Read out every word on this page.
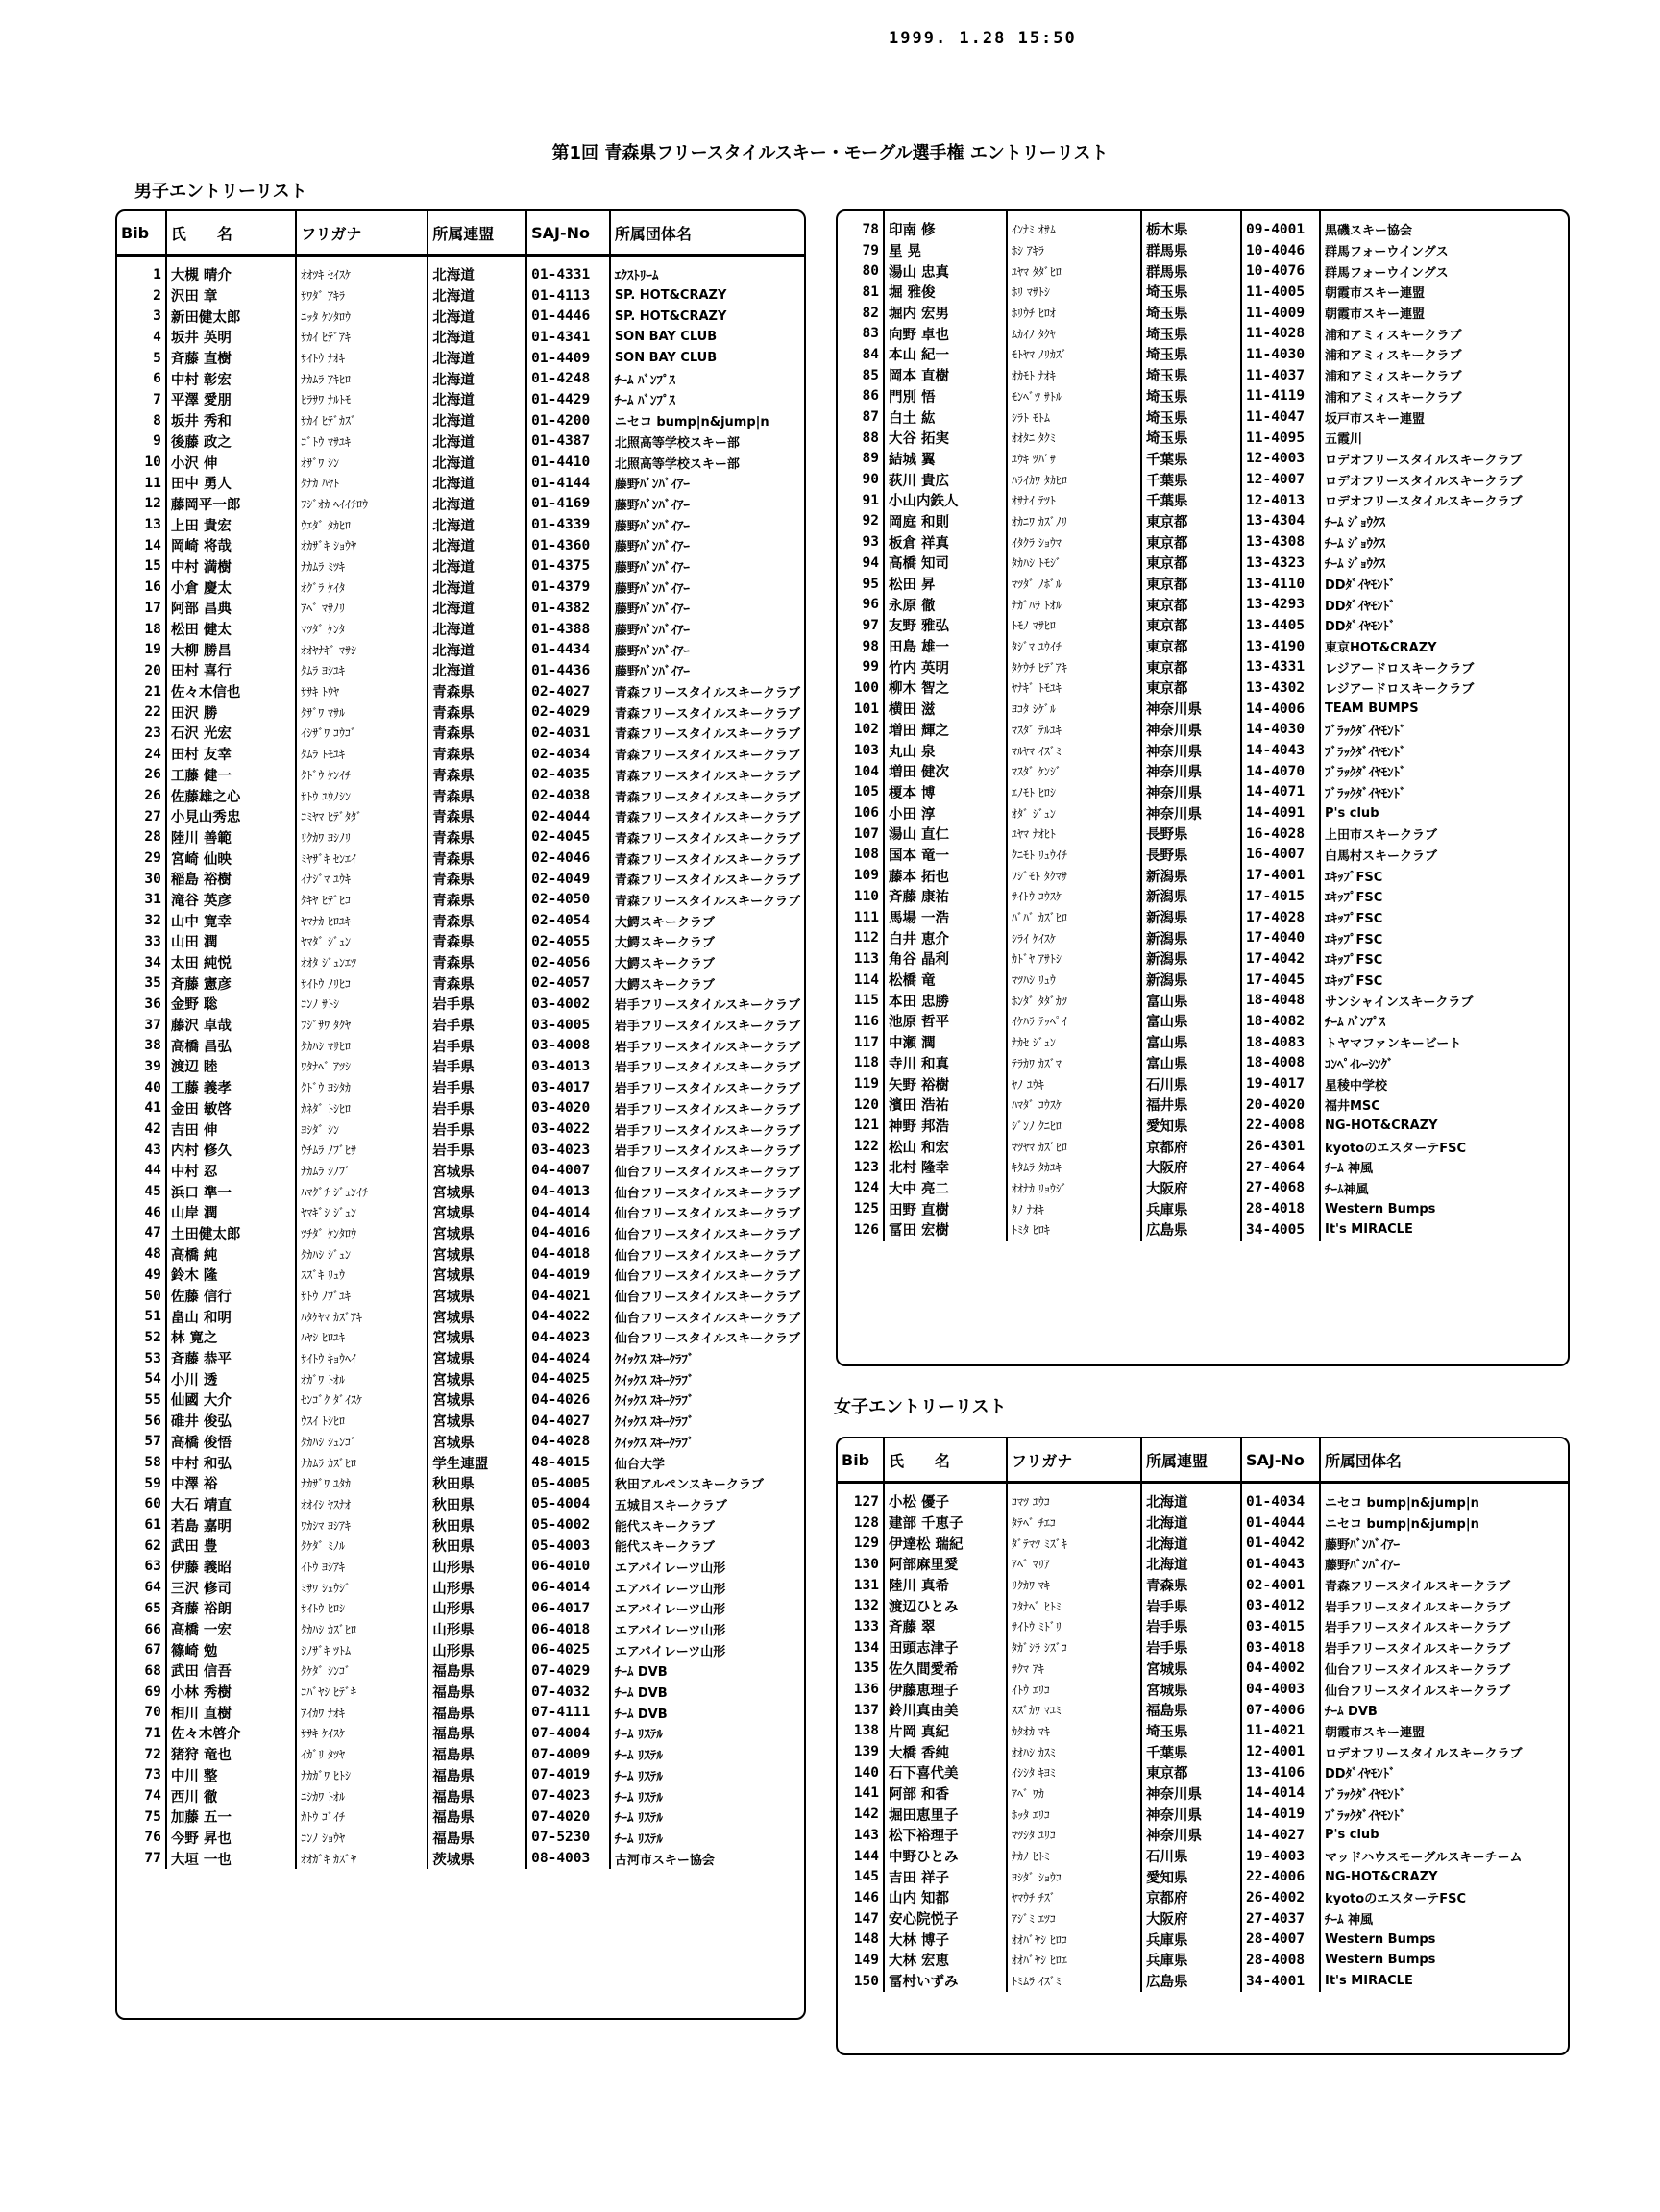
1999. 1.28 15:50
第1回 青森県フリースタイルスキー・モーグル選手権 エントリーリスト
男子エントリーリスト
Bib	氏　　名	フリガナ	所属連盟	SAJ-No	所属団体名
1	大槻 晴介	ｵｵﾂｷ ｾｲｽｹ	北海道	01-4331	ｴｸｽﾄﾘｰﾑ
2	沢田 章	ｻﾜﾀﾞ ｱｷﾗ	北海道	01-4113	SP. HOT&CRAZY
3	新田健太郎	ﾆｯﾀ ｹﾝﾀﾛｳ	北海道	01-4446	SP. HOT&CRAZY
4	坂井 英明	ｻｶｲ ﾋﾃﾞｱｷ	北海道	01-4341	SON BAY CLUB
5	斉藤 直樹	ｻｲﾄｳ ﾅｵｷ	北海道	01-4409	SON BAY CLUB
6	中村 彰宏	ﾅｶﾑﾗ ｱｷﾋﾛ	北海道	01-4248	ﾁｰﾑ ﾊﾞﾝﾌﾟｽ
7	平澤 愛朋	ﾋﾗｻﾜ ﾅﾙﾄﾓ	北海道	01-4429	ﾁｰﾑ ﾊﾞﾝﾌﾟｽ
8	坂井 秀和	ｻｶｲ ﾋﾃﾞｶｽﾞ	北海道	01-4200	ニセコ bump|n&jump|n
9	後藤 政之	ｺﾞﾄｳ ﾏｻﾕｷ	北海道	01-4387	北照高等学校スキー部
10	小沢 伸	ｵｻﾞﾜ ｼﾝ	北海道	01-4410	北照高等学校スキー部
11	田中 勇人	ﾀﾅｶ ﾊﾔﾄ	北海道	01-4144	藤野ﾊﾞﾝﾊﾞｲｱｰ
12	藤岡平一郎	ﾌｼﾞｵｶ ﾍｲｲﾁﾛｳ	北海道	01-4169	藤野ﾊﾞﾝﾊﾞｲｱｰ
13	上田 貴宏	ｳｴﾀﾞ ﾀｶﾋﾛ	北海道	01-4339	藤野ﾊﾞﾝﾊﾞｲｱｰ
14	岡崎 将哉	ｵｶｻﾞｷ ｼｮｳﾔ	北海道	01-4360	藤野ﾊﾞﾝﾊﾞｲｱｰ
15	中村 満樹	ﾅｶﾑﾗ ﾐﾂｷ	北海道	01-4375	藤野ﾊﾞﾝﾊﾞｲｱｰ
16	小倉 慶太	ｵｸﾞﾗ ｹｲﾀ	北海道	01-4379	藤野ﾊﾞﾝﾊﾞｲｱｰ
17	阿部 昌典	ｱﾍﾞ ﾏｻﾉﾘ	北海道	01-4382	藤野ﾊﾞﾝﾊﾞｲｱｰ
18	松田 健太	ﾏﾂﾀﾞ ｹﾝﾀ	北海道	01-4388	藤野ﾊﾞﾝﾊﾞｲｱｰ
19	大柳 勝昌	ｵｵﾔﾅｷﾞ ﾏｻｼ	北海道	01-4434	藤野ﾊﾞﾝﾊﾞｲｱｰ
20	田村 喜行	ﾀﾑﾗ ﾖｼﾕｷ	北海道	01-4436	藤野ﾊﾞﾝﾊﾞｲｱｰ
21	佐々木信也	ｻｻｷ ﾄｳﾔ	青森県	02-4027	青森フリースタイルスキークラブ
22	田沢 勝	ﾀｻﾞﾜ ﾏｻﾙ	青森県	02-4029	青森フリースタイルスキークラブ
23	石沢 光宏	ｲｼｻﾞﾜ ｺｳｺﾞ	青森県	02-4031	青森フリースタイルスキークラブ
24	田村 友幸	ﾀﾑﾗ ﾄﾓﾕｷ	青森県	02-4034	青森フリースタイルスキークラブ
26	工藤 健一	ｸﾄﾞｳ ｹﾝｲﾁ	青森県	02-4035	青森フリースタイルスキークラブ
26	佐藤雄之心	ｻﾄｳ ﾕｳﾉｼﾝ	青森県	02-4038	青森フリースタイルスキークラブ
27	小見山秀忠	ｺﾐﾔﾏ ﾋﾃﾞﾀﾀﾞ	青森県	02-4044	青森フリースタイルスキークラブ
28	陸川 善範	ﾘｸｶﾜ ﾖｼﾉﾘ	青森県	02-4045	青森フリースタイルスキークラブ
29	宮崎 仙映	ﾐﾔｻﾞｷ ｾﾝｴｲ	青森県	02-4046	青森フリースタイルスキークラブ
30	稲島 裕樹	ｲﾅｼﾞﾏ ﾕｳｷ	青森県	02-4049	青森フリースタイルスキークラブ
31	滝谷 英彦	ﾀｷﾔ ﾋﾃﾞﾋｺ	青森県	02-4050	青森フリースタイルスキークラブ
32	山中 寛幸	ﾔﾏﾅｶ ﾋﾛﾕｷ	青森県	02-4054	大鰐スキークラブ
33	山田 潤	ﾔﾏﾀﾞ ｼﾞｭﾝ	青森県	02-4055	大鰐スキークラブ
34	太田 純悦	ｵｵﾀ ｼﾞｭﾝｴﾂ	青森県	02-4056	大鰐スキークラブ
35	斉藤 憲彦	ｻｲﾄｳ ﾉﾘﾋｺ	青森県	02-4057	大鰐スキークラブ
36	金野 聡	ｺﾝﾉ ｻﾄｼ	岩手県	03-4002	岩手フリースタイルスキークラブ
37	藤沢 卓哉	ﾌｼﾞｻﾜ ﾀｸﾔ	岩手県	03-4005	岩手フリースタイルスキークラブ
38	高橋 昌弘	ﾀｶﾊｼ ﾏｻﾋﾛ	岩手県	03-4008	岩手フリースタイルスキークラブ
39	渡辺 睦	ﾜﾀﾅﾍﾞ ｱﾂｼ	岩手県	03-4013	岩手フリースタイルスキークラブ
40	工藤 義孝	ｸﾄﾞｳ ﾖｼﾀｶ	岩手県	03-4017	岩手フリースタイルスキークラブ
41	金田 敏啓	ｶﾈﾀﾞ ﾄｼﾋﾛ	岩手県	03-4020	岩手フリースタイルスキークラブ
42	吉田 伸	ﾖｼﾀﾞ ｼﾝ	岩手県	03-4022	岩手フリースタイルスキークラブ
43	内村 修久	ｳﾁﾑﾗ ﾉﾌﾞﾋｻ	岩手県	03-4023	岩手フリースタイルスキークラブ
44	中村 忍	ﾅｶﾑﾗ ｼﾉﾌﾞ	宮城県	04-4007	仙台フリースタイルスキークラブ
45	浜口 準一	ﾊﾏｸﾞﾁ ｼﾞｭﾝｲﾁ	宮城県	04-4013	仙台フリースタイルスキークラブ
46	山岸 潤	ﾔﾏｷﾞｼ ｼﾞｭﾝ	宮城県	04-4014	仙台フリースタイルスキークラブ
47	土田健太郎	ﾂﾁﾀﾞ ｹﾝﾀﾛｳ	宮城県	04-4016	仙台フリースタイルスキークラブ
48	高橋 純	ﾀｶﾊｼ ｼﾞｭﾝ	宮城県	04-4018	仙台フリースタイルスキークラブ
49	鈴木 隆	ｽｽﾞｷ ﾘｭｳ	宮城県	04-4019	仙台フリースタイルスキークラブ
50	佐藤 信行	ｻﾄｳ ﾉﾌﾞﾕｷ	宮城県	04-4021	仙台フリースタイルスキークラブ
51	畠山 和明	ﾊﾀｹﾔﾏ ｶｽﾞｱｷ	宮城県	04-4022	仙台フリースタイルスキークラブ
52	林 寛之	ﾊﾔｼ ﾋﾛﾕｷ	宮城県	04-4023	仙台フリースタイルスキークラブ
53	斉藤 恭平	ｻｲﾄｳ ｷｮｳﾍｲ	宮城県	04-4024	ｸｲｯｸｽ ｽｷｰｸﾗﾌﾞ
54	小川 透	ｵｶﾞﾜ ﾄｵﾙ	宮城県	04-4025	ｸｲｯｸｽ ｽｷｰｸﾗﾌﾞ
55	仙國 大介	ｾﾝｺﾞｸ ﾀﾞｲｽｹ	宮城県	04-4026	ｸｲｯｸｽ ｽｷｰｸﾗﾌﾞ
56	碓井 俊弘	ｳｽｲ ﾄｼﾋﾛ	宮城県	04-4027	ｸｲｯｸｽ ｽｷｰｸﾗﾌﾞ
57	高橋 俊悟	ﾀｶﾊｼ ｼｭﾝｺﾞ	宮城県	04-4028	ｸｲｯｸｽ ｽｷｰｸﾗﾌﾞ
58	中村 和弘	ﾅｶﾑﾗ ｶｽﾞﾋﾛ	学生連盟	48-4015	仙台大学
59	中澤 裕	ﾅｶｻﾞﾜ ﾕﾀｶ	秋田県	05-4005	秋田アルペンスキークラブ
60	大石 靖直	ｵｵｲｼ ﾔｽﾅｵ	秋田県	05-4004	五城目スキークラブ
61	若島 嘉明	ﾜｶｼﾏ ﾖｼｱｷ	秋田県	05-4002	能代スキークラブ
62	武田 豊	ﾀｹﾀﾞ ﾐﾉﾙ	秋田県	05-4003	能代スキークラブ
63	伊藤 義昭	ｲﾄｳ ﾖｼｱｷ	山形県	06-4010	エアバイレーツ山形
64	三沢 修司	ﾐｻﾜ ｼｭｳｼﾞ	山形県	06-4014	エアバイレーツ山形
65	斉藤 裕朗	ｻｲﾄｳ ﾋﾛｼ	山形県	06-4017	エアバイレーツ山形
66	高橋 一宏	ﾀｶﾊｼ ｶｽﾞﾋﾛ	山形県	06-4018	エアバイレーツ山形
67	篠崎 勉	ｼﾉｻﾞｷ ﾂﾄﾑ	山形県	06-4025	エアバイレーツ山形
68	武田 信吾	ﾀｹﾀﾞ ｼﾝｺﾞ	福島県	07-4029	ﾁｰﾑ DVB
69	小林 秀樹	ｺﾊﾞﾔｼ ﾋﾃﾞｷ	福島県	07-4032	ﾁｰﾑ DVB
70	相川 直樹	ｱｲｶﾜ ﾅｵｷ	福島県	07-4111	ﾁｰﾑ DVB
71	佐々木啓介	ｻｻｷ ｹｲｽｹ	福島県	07-4004	ﾁｰﾑ ﾘｽﾃﾙ
72	猪狩 竜也	ｲｶﾞﾘ ﾀﾂﾔ	福島県	07-4009	ﾁｰﾑ ﾘｽﾃﾙ
73	中川 整	ﾅｶｶﾞﾜ ﾋﾄｼ	福島県	07-4019	ﾁｰﾑ ﾘｽﾃﾙ
74	西川 徹	ﾆｼｶﾜ ﾄｵﾙ	福島県	07-4023	ﾁｰﾑ ﾘｽﾃﾙ
75	加藤 五一	ｶﾄｳ ｺﾞｲﾁ	福島県	07-4020	ﾁｰﾑ ﾘｽﾃﾙ
76	今野 昇也	ｺﾝﾉ ｼｮｳﾔ	福島県	07-5230	ﾁｰﾑ ﾘｽﾃﾙ
77	大垣 一也	ｵｵｶﾞｷ ｶｽﾞﾔ	茨城県	08-4003	古河市スキー協会
78	印南 修	ｲﾝﾅﾐ ｵｻﾑ	栃木県	09-4001	黒磯スキー協会
79	星 晃	ﾎｼ ｱｷﾗ	群馬県	10-4046	群馬フォーウイングス
80	湯山 忠真	ﾕﾔﾏ ﾀﾀﾞﾋﾛ	群馬県	10-4076	群馬フォーウイングス
81	堀 雅俊	ﾎﾘ ﾏｻﾄｼ	埼玉県	11-4005	朝霞市スキー連盟
82	堀内 宏男	ﾎﾘｳﾁ ﾋﾛｵ	埼玉県	11-4009	朝霞市スキー連盟
83	向野 卓也	ﾑｶｲﾉ ﾀｸﾔ	埼玉県	11-4028	浦和アミィスキークラブ
84	本山 紀一	ﾓﾄﾔﾏ ﾉﾘｶｽﾞ	埼玉県	11-4030	浦和アミィスキークラブ
85	岡本 直樹	ｵｶﾓﾄ ﾅｵｷ	埼玉県	11-4037	浦和アミィスキークラブ
86	門別 悟	ﾓﾝﾍﾞﾂ ｻﾄﾙ	埼玉県	11-4119	浦和アミィスキークラブ
87	白土 紘	ｼﾗﾄ ﾓﾄﾑ	埼玉県	11-4047	坂戸市スキー連盟
88	大谷 拓実	ｵｵﾀﾆ ﾀｸﾐ	埼玉県	11-4095	五霞川
89	結城 翼	ﾕｳｷ ﾂﾊﾞｻ	千葉県	12-4003	ロデオフリースタイルスキークラブ
90	荻川 貴広	ﾊﾗｲｶﾜ ﾀｶﾋﾛ	千葉県	12-4007	ロデオフリースタイルスキークラブ
91	小山内鉄人	ｵｻﾅｲ ﾃﾂﾄ	千葉県	12-4013	ロデオフリースタイルスキークラブ
92	岡庭 和則	ｵｶﾆﾜ ｶｽﾞﾉﾘ	東京都	13-4304	ﾁｰﾑ ｼﾞｮｳｸｽ
93	板倉 祥真	ｲﾀｸﾗ ｼｮｳﾏ	東京都	13-4308	ﾁｰﾑ ｼﾞｮｳｸｽ
94	高橋 知司	ﾀｶﾊｼ ﾄﾓｼﾞ	東京都	13-4323	ﾁｰﾑ ｼﾞｮｳｸｽ
95	松田 昇	ﾏﾂﾀﾞ ﾉﾎﾞﾙ	東京都	13-4110	DDﾀﾞｲﾔﾓﾝﾄﾞ
96	永原 徹	ﾅｶﾞﾊﾗ ﾄｵﾙ	東京都	13-4293	DDﾀﾞｲﾔﾓﾝﾄﾞ
97	友野 雅弘	ﾄﾓﾉ ﾏｻﾋﾛ	東京都	13-4405	DDﾀﾞｲﾔﾓﾝﾄﾞ
98	田島 雄一	ﾀｼﾞﾏ ﾕｳｲﾁ	東京都	13-4190	東京HOT&CRAZY
99	竹内 英明	ﾀｹｳﾁ ﾋﾃﾞｱｷ	東京都	13-4331	レジアードロスキークラブ
100	柳木 智之	ﾔﾅｷﾞ ﾄﾓﾕｷ	東京都	13-4302	レジアードロスキークラブ
101	横田 滋	ﾖｺﾀ ｼｹﾞﾙ	神奈川県	14-4006	TEAM BUMPS
102	増田 輝之	ﾏｽﾀﾞ ﾃﾙﾕｷ	神奈川県	14-4030	ﾌﾞﾗｯｸﾀﾞｲﾔﾓﾝﾄﾞ
103	丸山 泉	ﾏﾙﾔﾏ ｲｽﾞﾐ	神奈川県	14-4043	ﾌﾞﾗｯｸﾀﾞｲﾔﾓﾝﾄﾞ
104	増田 健次	ﾏｽﾀﾞ ｹﾝｼﾞ	神奈川県	14-4070	ﾌﾞﾗｯｸﾀﾞｲﾔﾓﾝﾄﾞ
105	榎本 博	ｴﾉﾓﾄ ﾋﾛｼ	神奈川県	14-4071	ﾌﾞﾗｯｸﾀﾞｲﾔﾓﾝﾄﾞ
106	小田 淳	ｵﾀﾞ ｼﾞｭﾝ	神奈川県	14-4091	P's club
107	湯山 直仁	ﾕﾔﾏ ﾅｵﾋﾄ	長野県	16-4028	上田市スキークラブ
108	国本 竜一	ｸﾆﾓﾄ ﾘｭｳｲﾁ	長野県	16-4007	白馬村スキークラブ
109	藤本 拓也	ﾌｼﾞﾓﾄ ﾀｸﾏｻ	新潟県	17-4001	ｴｷｯﾌﾟFSC
110	斉藤 康祐	ｻｲﾄｳ ｺｳｽｹ	新潟県	17-4015	ｴｷｯﾌﾟFSC
111	馬場 一浩	ﾊﾞﾊﾞ ｶｽﾞﾋﾛ	新潟県	17-4028	ｴｷｯﾌﾟFSC
112	白井 恵介	ｼﾗｲ ｹｲｽｹ	新潟県	17-4040	ｴｷｯﾌﾟFSC
113	角谷 晶利	ｶﾄﾞﾔ ｱｻﾄｼ	新潟県	17-4042	ｴｷｯﾌﾟFSC
114	松橋 竜	ﾏﾂﾊｼ ﾘｭｳ	新潟県	17-4045	ｴｷｯﾌﾟFSC
115	本田 忠勝	ﾎﾝﾀﾞ ﾀﾀﾞｶﾂ	富山県	18-4048	サンシャインスキークラブ
116	池原 哲平	ｲｹﾊﾗ ﾃｯﾍﾟｲ	富山県	18-4082	ﾁｰﾑ ﾊﾞﾝﾌﾟｽ
117	中瀬 潤	ﾅｶｾ ｼﾞｭﾝ	富山県	18-4083	トヤマファンキービート
118	寺川 和真	ﾃﾗｶﾜ ｶｽﾞﾏ	富山県	18-4008	ｺﾝﾍﾟｲﾚｰｼﾝｸﾞ
119	矢野 裕樹	ﾔﾉ ﾕｳｷ	石川県	19-4017	星稜中学校
120	濱田 浩祐	ﾊﾏﾀﾞ ｺｳｽｹ	福井県	20-4020	福井MSC
121	神野 邦浩	ｼﾞﾝﾉ ｸﾆﾋﾛ	愛知県	22-4008	NG-HOT&CRAZY
122	松山 和宏	ﾏﾂﾔﾏ ｶｽﾞﾋﾛ	京都府	26-4301	kyotoのエスターテFSC
123	北村 隆幸	ｷﾀﾑﾗ ﾀｶﾕｷ	大阪府	27-4064	ﾁｰﾑ 神風
124	大中 亮二	ｵｵﾅｶ ﾘｮｳｼﾞ	大阪府	27-4068	ﾁｰﾑ神風
125	田野 直樹	ﾀﾉ ﾅｵｷ	兵庫県	28-4018	Western Bumps
126	冨田 宏樹	ﾄﾐﾀ ﾋﾛｷ	広島県	34-4005	It's MIRACLE
女子エントリーリスト
Bib	氏　　名	フリガナ	所属連盟	SAJ-No	所属団体名
127	小松 優子	ｺﾏﾂ ﾕｳｺ	北海道	01-4034	ニセコ bump|n&jump|n
128	建部 千恵子	ﾀﾃﾍﾞ ﾁｴｺ	北海道	01-4044	ニセコ bump|n&jump|n
129	伊達松 瑞紀	ﾀﾞﾃﾏﾂ ﾐｽﾞｷ	北海道	01-4042	藤野ﾊﾞﾝﾊﾞｲｱｰ
130	阿部麻里愛	ｱﾍﾞ ﾏﾘｱ	北海道	01-4043	藤野ﾊﾞﾝﾊﾞｲｱｰ
131	陸川 真希	ﾘｸｶﾜ ﾏｷ	青森県	02-4001	青森フリースタイルスキークラブ
132	渡辺ひとみ	ﾜﾀﾅﾍﾞ ﾋﾄﾐ	岩手県	03-4012	岩手フリースタイルスキークラブ
133	斉藤 翠	ｻｲﾄｳ ﾐﾄﾞﾘ	岩手県	03-4015	岩手フリースタイルスキークラブ
134	田頭志津子	ﾀｶﾞｼﾗ ｼｽﾞｺ	岩手県	03-4018	岩手フリースタイルスキークラブ
135	佐久間愛希	ｻｸﾏ ｱｷ	宮城県	04-4002	仙台フリースタイルスキークラブ
136	伊藤恵理子	ｲﾄｳ ｴﾘｺ	宮城県	04-4003	仙台フリースタイルスキークラブ
137	鈴川真由美	ｽｽﾞｶﾜ ﾏﾕﾐ	福島県	07-4006	ﾁｰﾑ DVB
138	片岡 真紀	ｶﾀｵｶ ﾏｷ	埼玉県	11-4021	朝霞市スキー連盟
139	大橋 香純	ｵｵﾊｼ ｶｽﾐ	千葉県	12-4001	ロデオフリースタイルスキークラブ
140	石下喜代美	ｲｼｼﾀ ｷﾖﾐ	東京都	13-4106	DDﾀﾞｲﾔﾓﾝﾄﾞ
141	阿部 和香	ｱﾍﾞ ﾜｶ	神奈川県	14-4014	ﾌﾞﾗｯｸﾀﾞｲﾔﾓﾝﾄﾞ
142	堀田恵里子	ﾎｯﾀ ｴﾘｺ	神奈川県	14-4019	ﾌﾞﾗｯｸﾀﾞｲﾔﾓﾝﾄﾞ
143	松下裕理子	ﾏﾂｼﾀ ﾕﾘｺ	神奈川県	14-4027	P's club
144	中野ひとみ	ﾅｶﾉ ﾋﾄﾐ	石川県	19-4003	マッドハウスモーグルスキーチーム
145	吉田 祥子	ﾖｼﾀﾞ ｼｮｳｺ	愛知県	22-4006	NG-HOT&CRAZY
146	山内 知都	ﾔﾏｳﾁ ﾁｽﾞ	京都府	26-4002	kyotoのエスターテFSC
147	安心院悦子	ｱｼﾞﾐ ｴﾂｺ	大阪府	27-4037	ﾁｰﾑ 神風
148	大林 博子	ｵｵﾊﾞﾔｼ ﾋﾛｺ	兵庫県	28-4007	Western Bumps
149	大林 宏恵	ｵｵﾊﾞﾔｼ ﾋﾛｴ	兵庫県	28-4008	Western Bumps
150	冨村いずみ	ﾄﾐﾑﾗ ｲｽﾞﾐ	広島県	34-4001	It's MIRACLE
